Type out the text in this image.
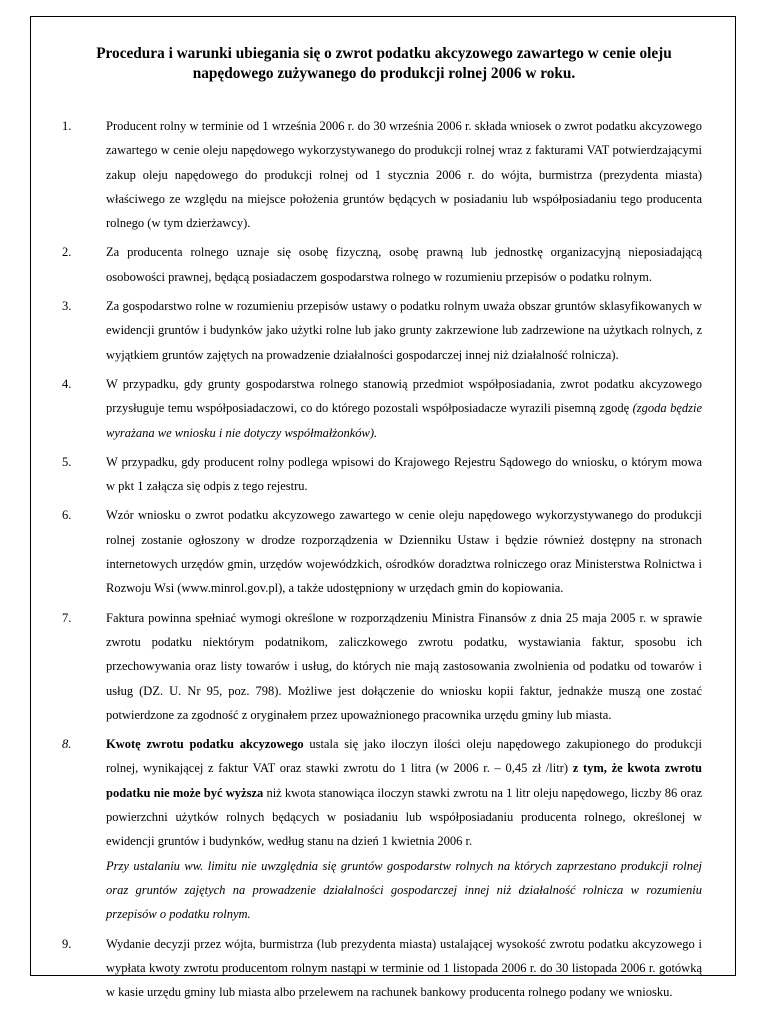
Procedura i warunki ubiegania się o zwrot podatku akcyzowego zawartego w cenie oleju napędowego zużywanego do produkcji rolnej 2006 w roku.
1.	Producent rolny w terminie od 1 września 2006 r. do 30 września 2006 r. składa wniosek o zwrot podatku akcyzowego zawartego w cenie oleju napędowego wykorzystywanego do produkcji rolnej wraz z fakturami VAT potwierdzającymi zakup oleju napędowego do produkcji rolnej od 1 stycznia 2006 r. do wójta, burmistrza (prezydenta miasta) właściwego ze względu na miejsce położenia gruntów będących w posiadaniu lub współposiadaniu tego producenta rolnego (w tym dzierżawcy).

2.	Za producenta rolnego uznaje się osobę fizyczną, osobę prawną lub jednostkę organizacyjną nieposiadającą osobowości prawnej, będącą posiadaczem gospodarstwa rolnego w rozumieniu przepisów o podatku rolnym.

3.	Za gospodarstwo rolne w rozumieniu przepisów ustawy o podatku rolnym uważa obszar gruntów sklasyfikowanych w ewidencji gruntów i budynków jako użytki rolne lub jako grunty zakrzewione lub zadrzewione na użytkach rolnych, z wyjątkiem gruntów zajętych na prowadzenie działalności gospodarczej innej niż działalność rolnicza).

4.	W przypadku, gdy grunty gospodarstwa rolnego stanowią przedmiot współposiadania, zwrot podatku akcyzowego przysługuje temu współposiadaczowi, co do którego pozostali współposiadacze wyrazili pisemną zgodę (zgoda będzie wyrażana we wniosku i nie dotyczy współmałżonków).

5.	W przypadku, gdy producent rolny podlega wpisowi do Krajowego Rejestru Sądowego do wniosku, o którym mowa w pkt 1 załącza się odpis z tego rejestru.

6.	Wzór wniosku o zwrot podatku akcyzowego zawartego w cenie oleju napędowego wykorzystywanego do produkcji rolnej zostanie ogłoszony w drodze rozporządzenia w Dzienniku Ustaw i będzie również dostępny na stronach internetowych urzędów gmin, urzędów wojewódzkich, ośrodków doradztwa rolniczego oraz Ministerstwa Rolnictwa i Rozwoju Wsi (www.minrol.gov.pl), a także udostępniony w urzędach gmin do kopiowania.

7.	Faktura powinna spełniać wymogi określone w rozporządzeniu Ministra Finansów z dnia 25 maja 2005 r. w sprawie zwrotu podatku niektórym podatnikom, zaliczkowego zwrotu podatku, wystawiania faktur, sposobu ich przechowywania oraz listy towarów i usług, do których nie mają zastosowania zwolnienia od podatku od towarów i usług (DZ. U. Nr 95, poz. 798). Możliwe jest dołączenie do wniosku kopii faktur, jednakże muszą one zostać potwierdzone za zgodność z oryginałem przez upoważnionego pracownika urzędu gminy lub miasta.

8.	Kwotę zwrotu podatku akcyzowego ustala się jako iloczyn ilości oleju napędowego zakupionego do produkcji rolnej, wynikającej z faktur VAT oraz stawki zwrotu do 1 litra (w 2006 r. – 0,45 zł /litr) z tym, że kwota zwrotu podatku nie może być wyższa niż kwota stanowiąca iloczyn stawki zwrotu na 1 litr oleju napędowego, liczby 86 oraz powierzchni użytków rolnych będących w posiadaniu lub współposiadaniu producenta rolnego, określonej w ewidencji gruntów i budynków, według stanu na dzień 1 kwietnia 2006 r.

Przy ustalaniu ww. limitu nie uwzględnia się gruntów gospodarstw rolnych na których zaprzestano produkcji rolnej oraz gruntów zajętych na prowadzenie działalności gospodarczej innej niż działalność rolnicza w rozumieniu przepisów o podatku rolnym.

9.	Wydanie decyzji przez wójta, burmistrza (lub prezydenta miasta) ustalającej wysokość zwrotu podatku akcyzowego i wypłata kwoty zwrotu producentom rolnym nastąpi w terminie od 1 listopada 2006 r. do 30 listopada 2006 r. gotówką w kasie urzędu gminy lub miasta albo przelewem na rachunek bankowy producenta rolnego podany we wniosku.
